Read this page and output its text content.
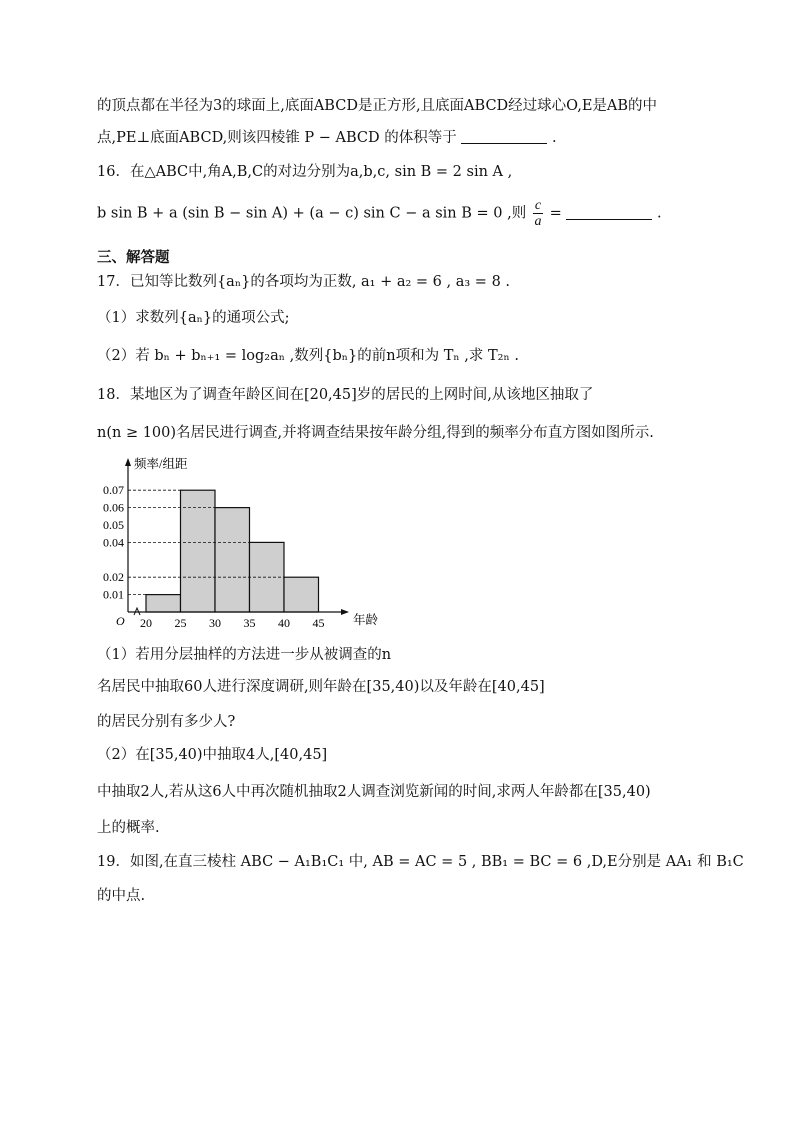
的顶点都在半径为3的球面上,底面ABCD是正方形,且底面ABCD经过球心O,E是AB的中
点,PE⊥底面ABCD,则该四棱锥 P − ABCD 的体积等于	.
16．在△ABC中,角A,B,C的对边分别为a,b,c, sin B = 2 sin A ,
b sin B + a (sin B − sin A) + (a − c) sin C − a sin B = 0 ,则 $\frac{c}{a}$ =	.
三、解答题
17．已知等比数列{aₙ}的各项均为正数, a₁ + a₂ = 6 , a₃ = 8 .
（1）求数列{aₙ}的通项公式;
（2）若 bₙ + bₙ₊₁ = log₂aₙ ,数列{bₙ}的前n项和为 Tₙ ,求 T₂ₙ .
18．某地区为了调查年龄区间在[20,45]岁的居民的上网时间,从该地区抽取了
n(n ≥ 100)名居民进行调查,并将调查结果按年龄分组,得到的频率分布直方图如图所示.
0.01
0.02
0.04
0.05
0.06
0.07
20 25 30 35 40 45
O
频率/组距
年龄
（1）若用分层抽样的方法进一步从被调查的n
名居民中抽取60人进行深度调研,则年龄在[35,40)以及年龄在[40,45]
的居民分别有多少人?
（2）在[35,40)中抽取4人,[40,45]
中抽取2人,若从这6人中再次随机抽取2人调查浏览新闻的时间,求两人年龄都在[35,40)
上的概率.
19．如图,在直三棱柱 ABC − A₁B₁C₁ 中, AB = AC = 5 , BB₁ = BC = 6 ,D,E分别是 AA₁ 和 B₁C
的中点.
